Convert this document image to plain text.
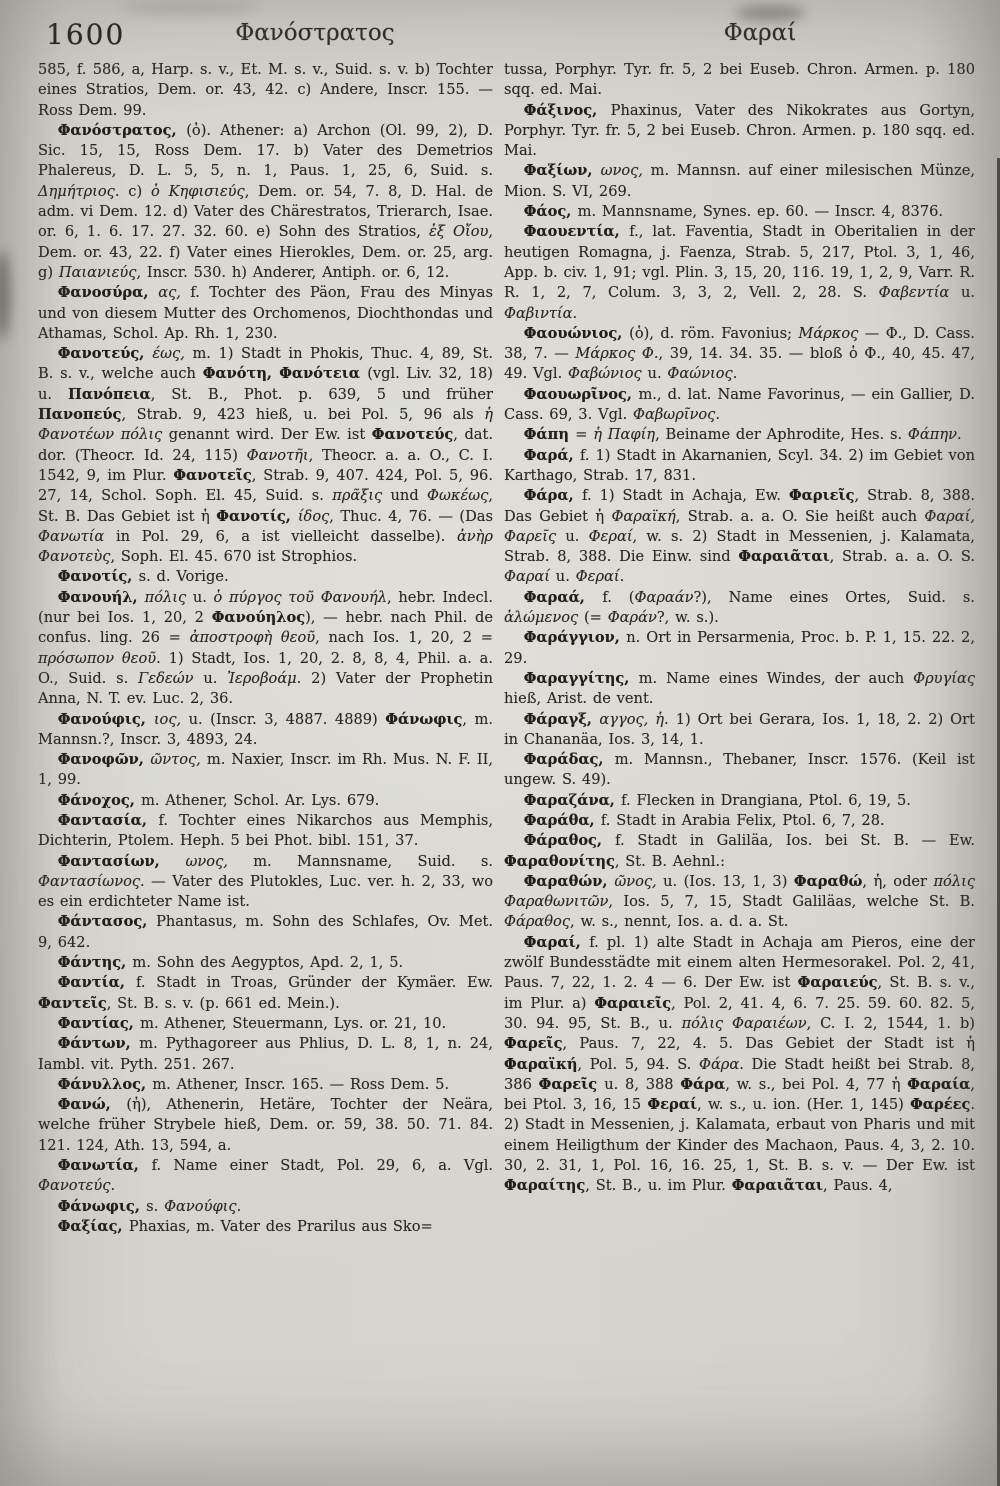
1600	Φανόστρατος	Φαραί

585, f. 586, a, Harp. s. v., Et. M. s. v., Suid. s. v. b) Tochter eines Stratios, Dem. or. 43, 42. c) Andere, Inscr. 155. — Ross Dem. 99.

Φανόστρατος, (ὁ). Athener: a) Archon (Ol. 99, 2), D. Sic. 15, 15, Ross Dem. 17. b) Vater des Demetrios Phalereus, D. L. 5, 5, n. 1, Paus. 1, 25, 6, Suid. s. Δημήτριος. c) ὁ Κηφισιεύς, Dem. or. 54, 7. 8, D. Hal. de adm. vi Dem. 12. d) Vater des Chärestratos, Trierarch, Isae. or. 6, 1. 6. 17. 27. 32. 60. e) Sohn des Stratios, ἐξ Οἴου, Dem. or. 43, 22. f) Vater eines Hierokles, Dem. or. 25, arg. g) Παιανιεύς, Inscr. 530. h) Anderer, Antiph. or. 6, 12.

Φανοσύρα, ας, f. Tochter des Päon, Frau des Minyas und von diesem Mutter des Orchomenos, Diochthondas und Athamas, Schol. Ap. Rh. 1, 230.

Φανοτεύς, έως, m. 1) Stadt in Phokis, Thuc. 4, 89, St. B. s. v., welche auch Φανότη, Φανότεια (vgl. Liv. 32, 18) u. Πανόπεια, St. B., Phot. p. 639, 5 und früher Πανοπεύς, Strab. 9, 423 hieß, u. bei Pol. 5, 96 als ἡ Φανοτέων πόλις genannt wird. Der Ew. ist Φανοτεύς, dat. dor. (Theocr. Id. 24, 115) Φανοτῆι, Theocr. a. a. O., C. I. 1542, 9, im Plur. Φανοτεῖς, Strab. 9, 407. 424, Pol. 5, 96. 27, 14, Schol. Soph. El. 45, Suid. s. πρᾶξις und Φωκέως, St. B. Das Gebiet ist ἡ Φανοτίς, ίδος, Thuc. 4, 76. — (Das Φανωτία in Pol. 29, 6, a ist vielleicht dasselbe). ἀνὴρ Φανοτεὺς, Soph. El. 45. 670 ist Strophios.

Φανοτίς, s. d. Vorige.

Φανουήλ, πόλις u. ὁ πύργος τοῦ Φανουήλ, hebr. Indecl. (nur bei Ios. 1, 20, 2 Φανούηλος), — hebr. nach Phil. de confus. ling. 26 = ἀποστροφὴ θεοῦ, nach Ios. 1, 20, 2 = πρόσωπον θεοῦ. 1) Stadt, Ios. 1, 20, 2. 8, 8, 4, Phil. a. a. O., Suid. s. Γεδεών u. Ἰεροβοάμ. 2) Vater der Prophetin Anna, N. T. ev. Luc. 2, 36.

Φανούφις, ιος, u. (Inscr. 3, 4887. 4889) Φάνωφις, m. Mannsn.?, Inscr. 3, 4893, 24.

Φανοφῶν, ῶντος, m. Naxier, Inscr. im Rh. Mus. N. F. II, 1, 99.

Φάνοχος, m. Athener, Schol. Ar. Lys. 679.

Φαντασία, f. Tochter eines Nikarchos aus Memphis, Dichterin, Ptolem. Heph. 5 bei Phot. bibl. 151, 37.

Φαντασίων, ωνος, m. Mannsname, Suid. s. Φαντασίωνος. — Vater des Plutokles, Luc. ver. h. 2, 33, wo es ein erdichteter Name ist.

Φάντασος, Phantasus, m. Sohn des Schlafes, Ov. Met. 9, 642.

Φάντης, m. Sohn des Aegyptos, Apd. 2, 1, 5.

Φαντία, f. Stadt in Troas, Gründer der Kymäer. Ew. Φαντεῖς, St. B. s. v. (p. 661 ed. Mein.).

Φαντίας, m. Athener, Steuermann, Lys. or. 21, 10.

Φάντων, m. Pythagoreer aus Phlius, D. L. 8, 1, n. 24, Iambl. vit. Pyth. 251. 267.

Φάνυλλος, m. Athener, Inscr. 165. — Ross Dem. 5.

Φανώ, (ἡ), Athenerin, Hetäre, Tochter der Neära, welche früher Strybele hieß, Dem. or. 59, 38. 50. 71. 84. 121. 124, Ath. 13, 594, a.

Φανωτία, f. Name einer Stadt, Pol. 29, 6, a. Vgl. Φανοτεύς.

Φάνωφις, s. Φανούφις.

Φαξίας, Phaxias, m. Vater des Prarilus aus Sko=

tussa, Porphyr. Tyr. fr. 5, 2 bei Euseb. Chron. Armen. p. 180 sqq. ed. Mai.

Φάξινος, Phaxinus, Vater des Nikokrates aus Gortyn, Porphyr. Tyr. fr. 5, 2 bei Euseb. Chron. Armen. p. 180 sqq. ed. Mai.

Φαξίων, ωνος, m. Mannsn. auf einer milesischen Münze, Mion. S. VI, 269.

Φάος, m. Mannsname, Synes. ep. 60. — Inscr. 4, 8376.

Φαουεντία, f., lat. Faventia, Stadt in Oberitalien in der heutigen Romagna, j. Faenza, Strab. 5, 217, Ptol. 3, 1, 46, App. b. civ. 1, 91; vgl. Plin. 3, 15, 20, 116. 19, 1, 2, 9, Varr. R. R. 1, 2, 7, Colum. 3, 3, 2, Vell. 2, 28. S. Φαβεντία u. Φαβιντία.

Φαουώνιος, (ὁ), d. röm. Favonius; Μάρκος — Φ., D. Cass. 38, 7. — Μάρκος Φ., 39, 14. 34. 35. — bloß ὁ Φ., 40, 45. 47, 49. Vgl. Φαβώνιος u. Φαώνιος.

Φαουωρῖνος, m., d. lat. Name Favorinus, — ein Gallier, D. Cass. 69, 3. Vgl. Φαβωρῖνος.

Φάπη = ἡ Παφίη, Beiname der Aphrodite, Hes. s. Φάπην.

Φαρά, f. 1) Stadt in Akarnanien, Scyl. 34. 2) im Gebiet von Karthago, Strab. 17, 831.

Φάρα, f. 1) Stadt in Achaja, Ew. Φαριεῖς, Strab. 8, 388. Das Gebiet ἡ Φαραϊκή, Strab. a. a. O. Sie heißt auch Φαραί, Φαρεῖς u. Φεραί, w. s. 2) Stadt in Messenien, j. Kalamata, Strab. 8, 388. Die Einw. sind Φαραιᾶται, Strab. a. a. O. S. Φαραί u. Φεραί.

Φαραά, f. (Φαραάν?), Name eines Ortes, Suid. s. ἀλώμενος (= Φαράν?, w. s.).

Φαράγγιον, n. Ort in Persarmenia, Proc. b. P. 1, 15. 22. 2, 29.

Φαραγγίτης, m. Name eines Windes, der auch Φρυγίας hieß, Arist. de vent.

Φάραγξ, αγγος, ἡ. 1) Ort bei Gerara, Ios. 1, 18, 2. 2) Ort in Chananäa, Ios. 3, 14, 1.

Φαράδας, m. Mannsn., Thebaner, Inscr. 1576. (Keil ist ungew. S. 49).

Φαραζάνα, f. Flecken in Drangiana, Ptol. 6, 19, 5.

Φαράθα, f. Stadt in Arabia Felix, Ptol. 6, 7, 28.

Φάραθος, f. Stadt in Galiläa, Ios. bei St. B. — Ew. Φαραθονίτης, St. B. Aehnl.:

Φαραθών, ῶνος, u. (Ios. 13, 1, 3) Φαραθώ, ἡ, oder πόλις Φαραθωνιτῶν, Ios. 5, 7, 15, Stadt Galiläas, welche St. B. Φάραθος, w. s., nennt, Ios. a. d. a. St.

Φαραί, f. pl. 1) alte Stadt in Achaja am Pieros, eine der zwölf Bundesstädte mit einem alten Hermesorakel. Pol. 2, 41, Paus. 7, 22, 1. 2. 4 — 6. Der Ew. ist Φαραιεύς, St. B. s. v., im Plur. a) Φαραιεῖς, Pol. 2, 41. 4, 6. 7. 25. 59. 60. 82. 5, 30. 94. 95, St. B., u. πόλις Φαραιέων, C. I. 2, 1544, 1. b) Φαρεῖς, Paus. 7, 22, 4. 5. Das Gebiet der Stadt ist ἡ Φαραϊκή, Pol. 5, 94. S. Φάρα. Die Stadt heißt bei Strab. 8, 386 Φαρεῖς u. 8, 388 Φάρα, w. s., bei Pol. 4, 77 ἡ Φαραία, bei Ptol. 3, 16, 15 Φεραί, w. s., u. ion. (Her. 1, 145) Φαρέες. 2) Stadt in Messenien, j. Kalamata, erbaut von Pharis und mit einem Heiligthum der Kinder des Machaon, Paus. 4, 3, 2. 10. 30, 2. 31, 1, Pol. 16, 16. 25, 1, St. B. s. v. — Der Ew. ist Φαραίτης, St. B., u. im Plur. Φαραιᾶται, Paus. 4,
